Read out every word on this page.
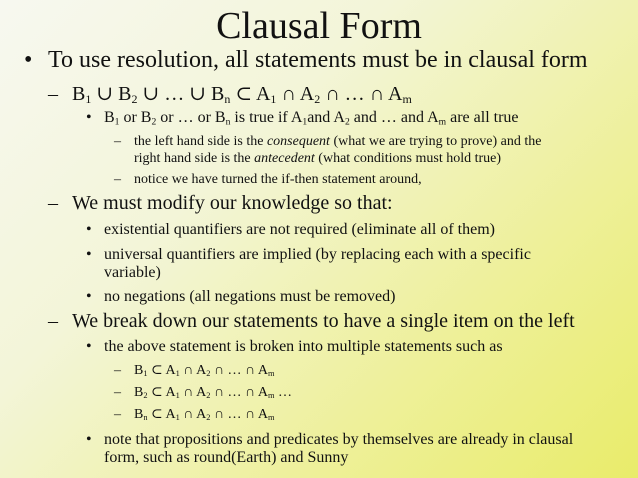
Clausal Form
• To use resolution, all statements must be in clausal form
– $B_1$ ∪ $B_2$ ∪ … ∪ $B_n$ ⊂ $A_1$ ∩ $A_2$ ∩ … ∩ $A_m$
• $B_1$ or $B_2$ or … or $B_n$ is true if $A_1and$ $A_2$ and … and $A_m$ are all true
– the left hand side is the consequent (what we are trying to prove) and the
right hand side is the antecedent (what conditions must hold true)
– notice we have turned the if-then statement around,
– We must modify our knowledge so that:
• existential quantifiers are not required (eliminate all of them)
• universal quantifiers are implied (by replacing each with a specific
variable)
• no negations (all negations must be removed)
– We break down our statements to have a single item on the left
• the above statement is broken into multiple statements such as
– $B_1$ ⊂ $A_1$ ∩ $A_2$ ∩ … ∩ $A_m$
– $B_2$ ⊂ $A_1$ ∩ $A_2$ ∩ … ∩ $A_m$ …
– $B_n$ ⊂ $A_1$ ∩ $A_2$ ∩ … ∩ $A_m$
• note that propositions and predicates by themselves are already in clausal
form, such as round(Earth) and Sunny
